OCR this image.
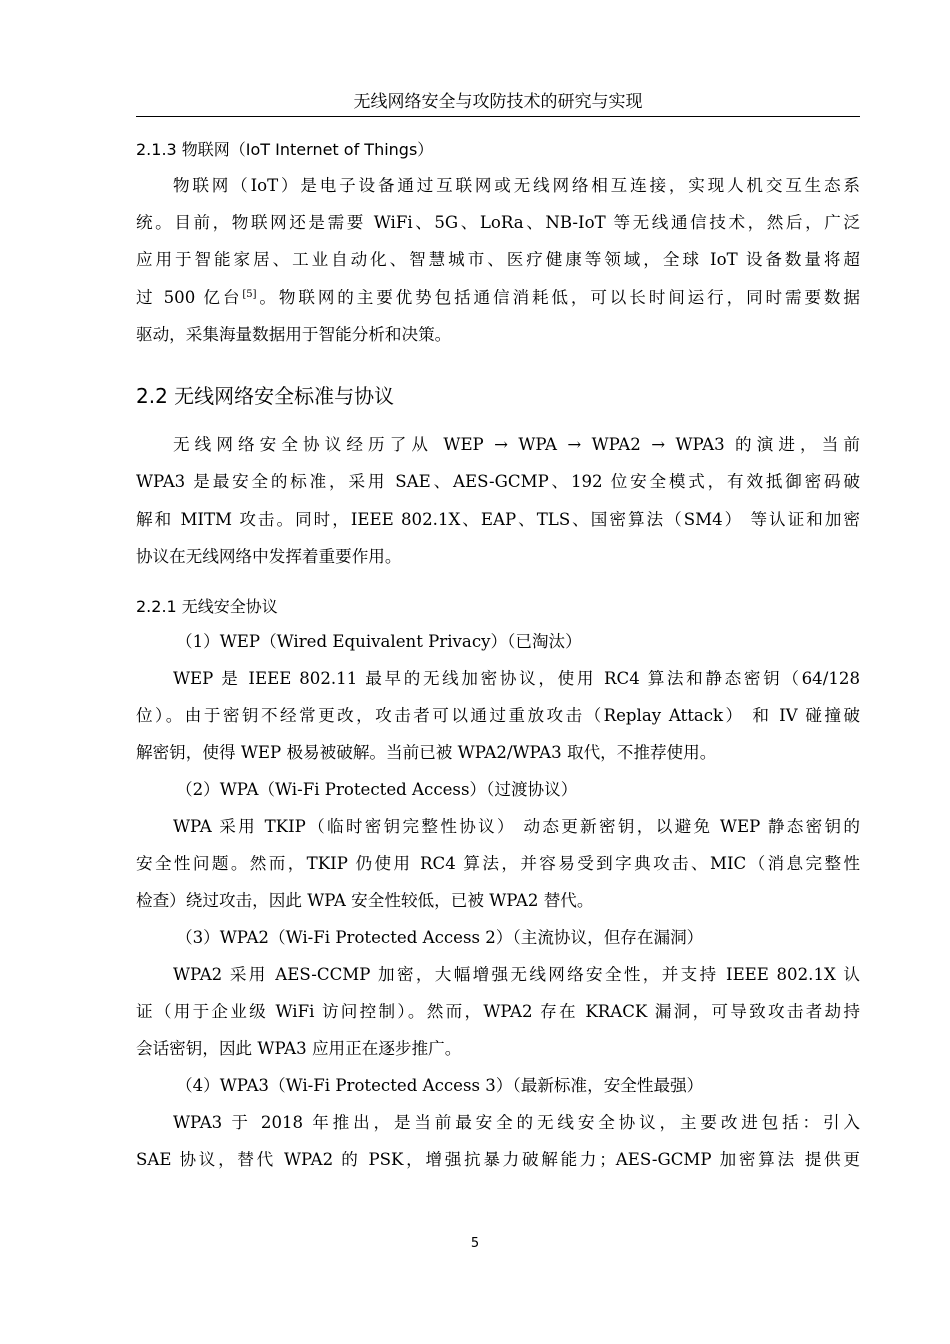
无线网络安全与攻防技术的研究与实现
2.1.3 物联网（IoT Internet of Things）
物联网（IoT）是电子设备通过互联网或无线网络相互连接，实现人机交互生态系
统。目前，物联网还是需要 WiFi、5G、LoRa、NB-IoT 等无线通信技术，然后，广泛
应用于智能家居、工业自动化、智慧城市、医疗健康等领域，全球 IoT 设备数量将超
过 500 亿台[5]。物联网的主要优势包括通信消耗低，可以长时间运行，同时需要数据
驱动，采集海量数据用于智能分析和决策。
2.2 无线网络安全标准与协议
无线网络安全协议经历了从 WEP → WPA → WPA2 → WPA3 的演进，当前
WPA3 是最安全的标准，采用 SAE、AES-GCMP、192 位安全模式，有效抵御密码破
解和 MITM 攻击。同时，IEEE 802.1X、EAP、TLS、国密算法（SM4） 等认证和加密
协议在无线网络中发挥着重要作用。
2.2.1 无线安全协议
（1）WEP（Wired Equivalent Privacy）（已淘汰）
WEP 是 IEEE 802.11 最早的无线加密协议，使用 RC4 算法和静态密钥（64/128
位）。由于密钥不经常更改，攻击者可以通过重放攻击（Replay Attack） 和 IV 碰撞破
解密钥，使得 WEP 极易被破解。当前已被 WPA2/WPA3 取代，不推荐使用。
（2）WPA（Wi-Fi Protected Access）（过渡协议）
WPA 采用 TKIP（临时密钥完整性协议） 动态更新密钥，以避免 WEP 静态密钥的
安全性问题。然而，TKIP 仍使用 RC4 算法，并容易受到字典攻击、MIC（消息完整性
检查）绕过攻击，因此 WPA 安全性较低，已被 WPA2 替代。
（3）WPA2（Wi-Fi Protected Access 2）（主流协议，但存在漏洞）
WPA2 采用 AES-CCMP 加密，大幅增强无线网络安全性，并支持 IEEE 802.1X 认
证（用于企业级 WiFi 访问控制）。然而，WPA2 存在 KRACK 漏洞，可导致攻击者劫持
会话密钥，因此 WPA3 应用正在逐步推广。
（4）WPA3（Wi-Fi Protected Access 3）（最新标准，安全性最强）
WPA3 于 2018 年推出，是当前最安全的无线安全协议，主要改进包括：引入
SAE 协议，替代 WPA2 的 PSK，增强抗暴力破解能力；AES-GCMP 加密算法 提供更
5
